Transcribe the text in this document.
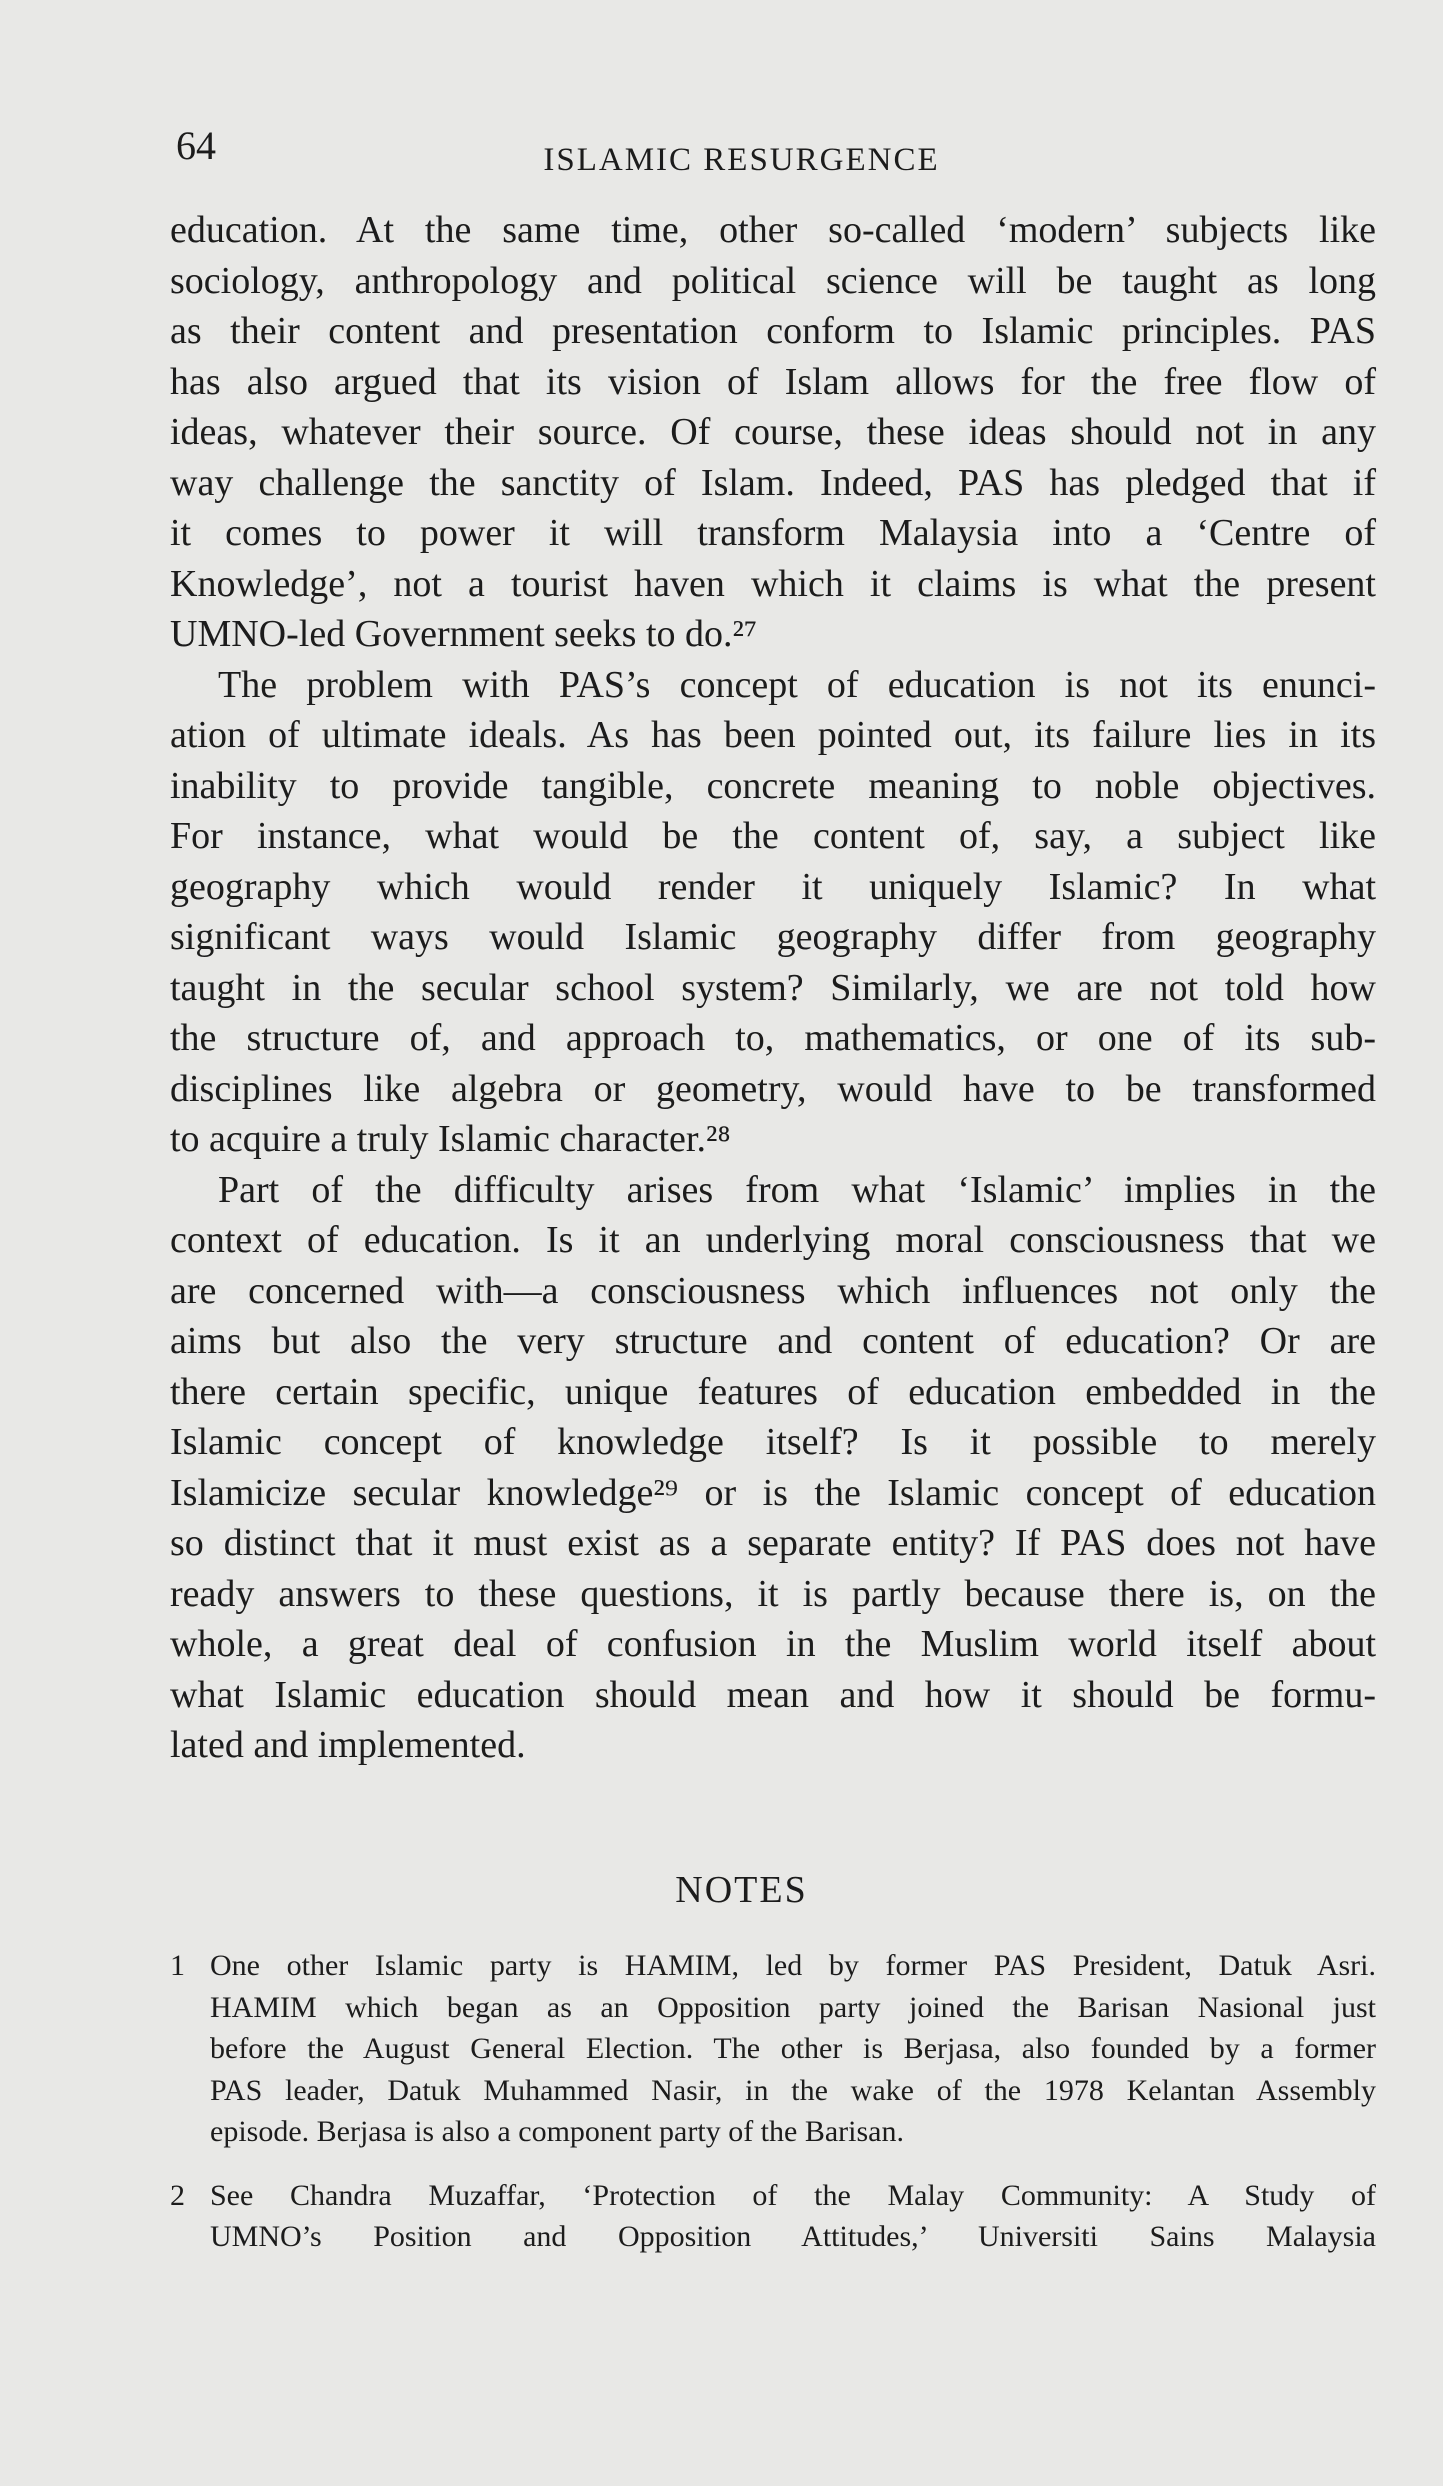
64	ISLAMIC RESURGENCE
education. At the same time, other so-called ‘modern’ subjects like
sociology, anthropology and political science will be taught as long
as their content and presentation conform to Islamic principles. PAS
has also argued that its vision of Islam allows for the free flow of
ideas, whatever their source. Of course, these ideas should not in any
way challenge the sanctity of Islam. Indeed, PAS has pledged that if
it comes to power it will transform Malaysia into a ‘Centre of
Knowledge’, not a tourist haven which it claims is what the present
UMNO-led Government seeks to do.²⁷
The problem with PAS’s concept of education is not its enunci-
ation of ultimate ideals. As has been pointed out, its failure lies in its
inability to provide tangible, concrete meaning to noble objectives.
For instance, what would be the content of, say, a subject like
geography which would render it uniquely Islamic? In what
significant ways would Islamic geography differ from geography
taught in the secular school system? Similarly, we are not told how
the structure of, and approach to, mathematics, or one of its sub-
disciplines like algebra or geometry, would have to be transformed
to acquire a truly Islamic character.²⁸
Part of the difficulty arises from what ‘Islamic’ implies in the
context of education. Is it an underlying moral consciousness that we
are concerned with—a consciousness which influences not only the
aims but also the very structure and content of education? Or are
there certain specific, unique features of education embedded in the
Islamic concept of knowledge itself? Is it possible to merely
Islamicize secular knowledge²⁹ or is the Islamic concept of education
so distinct that it must exist as a separate entity? If PAS does not have
ready answers to these questions, it is partly because there is, on the
whole, a great deal of confusion in the Muslim world itself about
what Islamic education should mean and how it should be formu-
lated and implemented.
NOTES
1 One other Islamic party is HAMIM, led by former PAS President, Datuk Asri.
HAMIM which began as an Opposition party joined the Barisan Nasional just
before the August General Election. The other is Berjasa, also founded by a former
PAS leader, Datuk Muhammed Nasir, in the wake of the 1978 Kelantan Assembly
episode. Berjasa is also a component party of the Barisan.
2 See Chandra Muzaffar, ‘Protection of the Malay Community: A Study of
UMNO’s Position and Opposition Attitudes,’ Universiti Sains Malaysia
